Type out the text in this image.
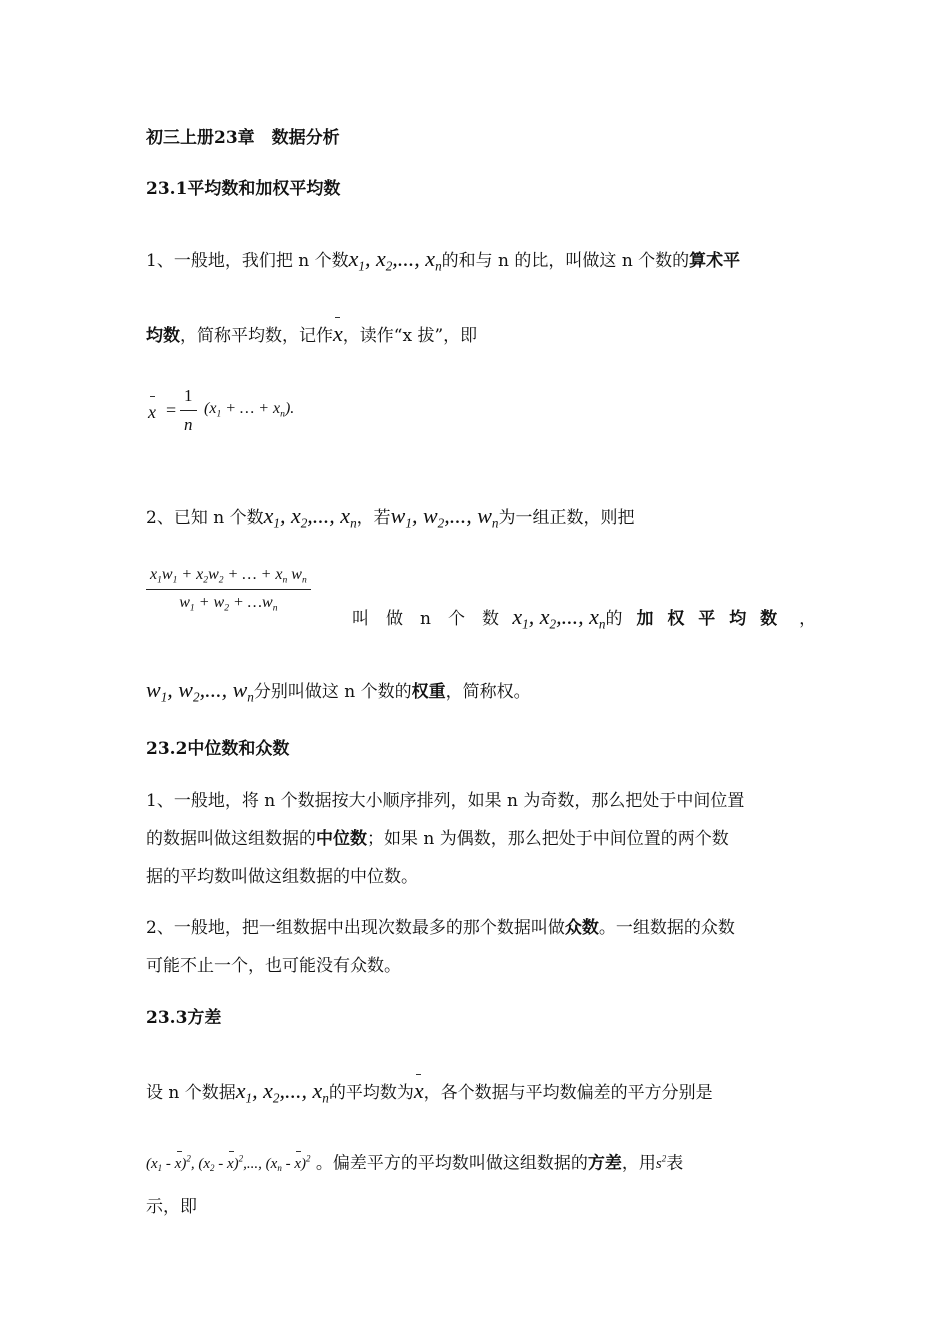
初三上册23章　数据分析
23.1平均数和加权平均数
1、一般地，我们把 n 个数$x_1$, $x_2$,..., $x_n$的和与 n 的比，叫做这 n 个数的算术平
均数，简称平均数，记作x，读作“x 拔”，即
$x = \frac{1}{n} (x_1$ + … + $x_n$).
2、已知 n 个数$x_1$, $x_2$,..., $x_n$，若$w_1$, $w_2$,..., $w_n$为一组正数，则把
$\frac{x_1w_1 + x_2w_2 + \dots + x_n w_n}{w_1 + w_2 + \dots w_n}$
叫　做　n　个　数 $x_1$, $x_2$,..., $x_n$的 加 权 平 均 数 ，
$w_1$, $w_2$,..., $w_n$分别叫做这 n 个数的权重，简称权。
23.2中位数和众数
1、一般地，将 n 个数据按大小顺序排列，如果 n 为奇数，那么把处于中间位置
的数据叫做这组数据的中位数；如果 n 为偶数，那么把处于中间位置的两个数
据的平均数叫做这组数据的中位数。
2、一般地，把一组数据中出现次数最多的那个数据叫做众数。一组数据的众数
可能不止一个，也可能没有众数。
23.3方差
设 n 个数据$x_1$, $x_2$,..., $x_n$的平均数为x，各个数据与平均数偏差的平方分别是
$(x_1 - x)^2$, $(x_2 - x)^2$,..., $(x_n - x)^2$ 。偏差平方的平均数叫做这组数据的方差，用$s^2$表
示，即
